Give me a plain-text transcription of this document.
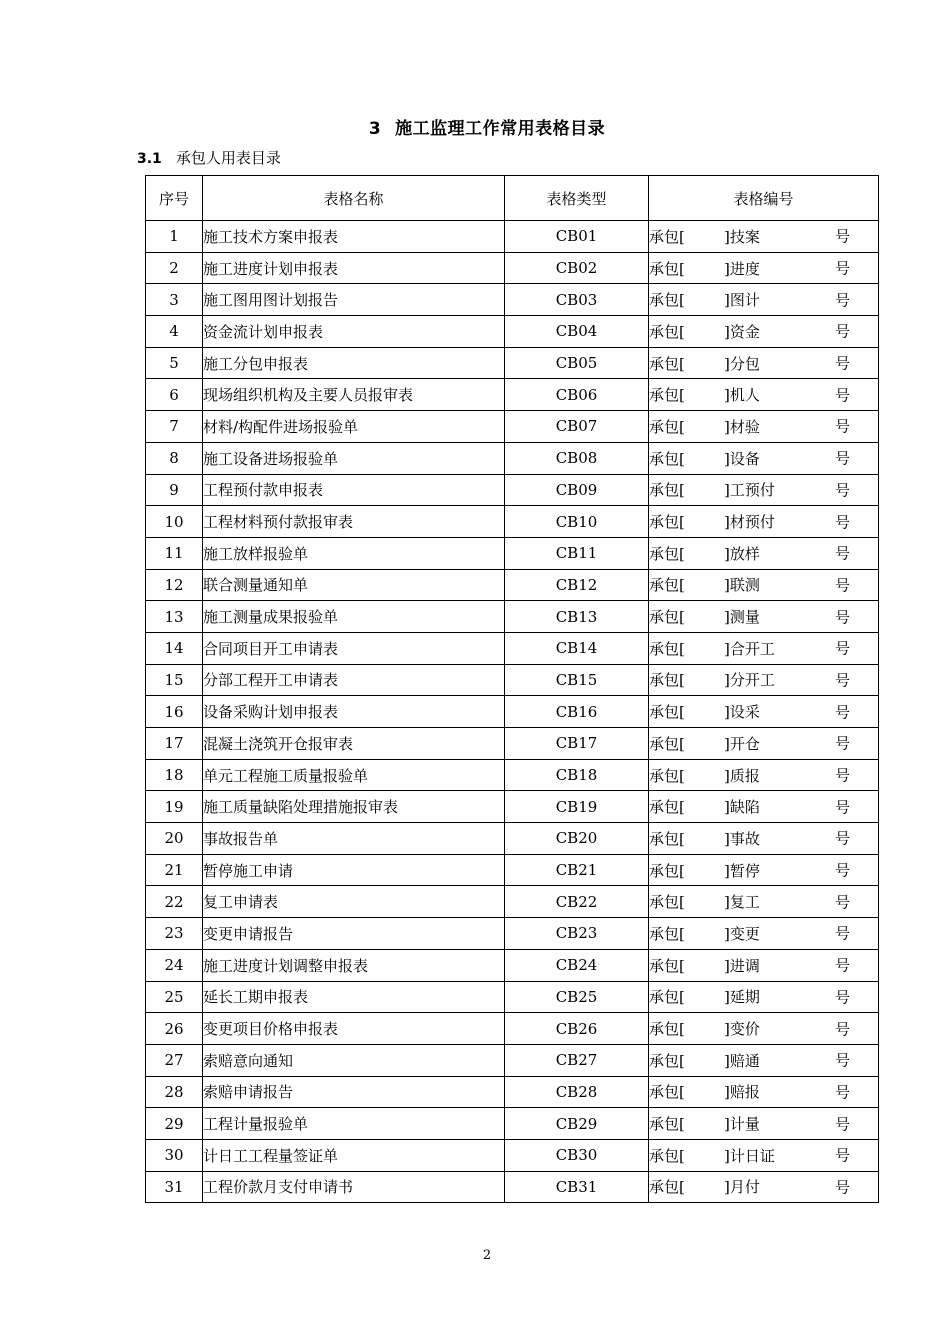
3 施工监理工作常用表格目录
3.1 承包人用表目录
序号	表格名称	表格类型	表格编号
1	施工技术方案申报表	CB01	承包[ ]技案 号

2	施工进度计划申报表	CB02	承包[ ]进度 号

3	施工图用图计划报告	CB03	承包[ ]图计 号

4	资金流计划申报表	CB04	承包[ ]资金 号

5	施工分包申报表	CB05	承包[ ]分包 号

6	现场组织机构及主要人员报审表	CB06	承包[ ]机人 号

7	材料/构配件进场报验单	CB07	承包[ ]材验 号

8	施工设备进场报验单	CB08	承包[ ]设备 号

9	工程预付款申报表	CB09	承包[ ]工预付 号

10	工程材料预付款报审表	CB10	承包[ ]材预付 号

11	施工放样报验单	CB11	承包[ ]放样 号

12	联合测量通知单	CB12	承包[ ]联测 号

13	施工测量成果报验单	CB13	承包[ ]测量 号

14	合同项目开工申请表	CB14	承包[ ]合开工 号

15	分部工程开工申请表	CB15	承包[ ]分开工 号

16	设备采购计划申报表	CB16	承包[ ]设采 号

17	混凝土浇筑开仓报审表	CB17	承包[ ]开仓 号

18	单元工程施工质量报验单	CB18	承包[ ]质报 号

19	施工质量缺陷处理措施报审表	CB19	承包[ ]缺陷 号

20	事故报告单	CB20	承包[ ]事故 号

21	暂停施工申请	CB21	承包[ ]暂停 号

22	复工申请表	CB22	承包[ ]复工 号

23	变更申请报告	CB23	承包[ ]变更 号

24	施工进度计划调整申报表	CB24	承包[ ]进调 号

25	延长工期申报表	CB25	承包[ ]延期 号

26	变更项目价格申报表	CB26	承包[ ]变价 号

27	索赔意向通知	CB27	承包[ ]赔通 号

28	索赔申请报告	CB28	承包[ ]赔报 号

29	工程计量报验单	CB29	承包[ ]计量 号

30	计日工工程量签证单	CB30	承包[ ]计日证 号

31	工程价款月支付申请书	CB31	承包[ ]月付 号
2
